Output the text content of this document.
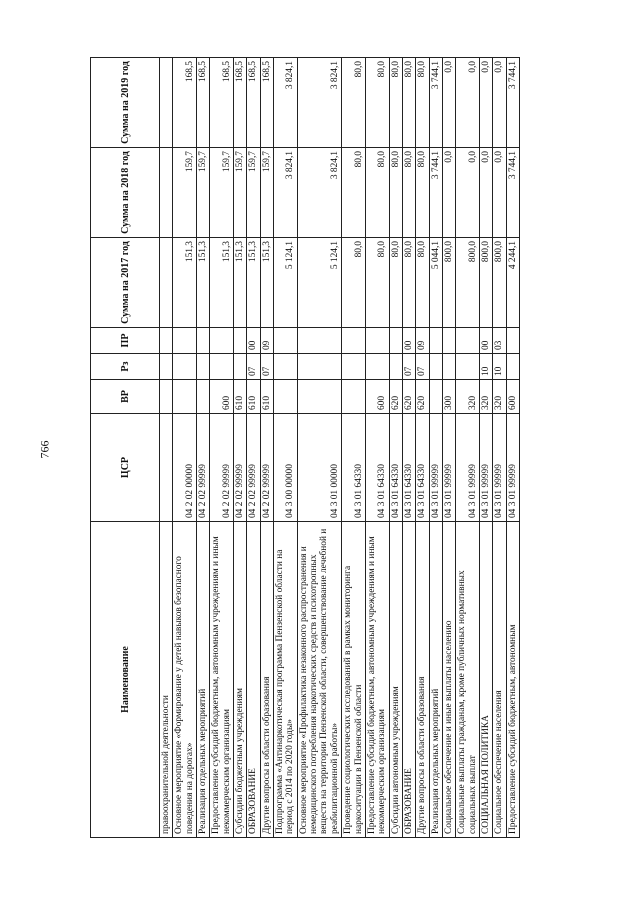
766
Наименование	ЦСР	ВР	Рз	ПР	Сумма на 2017 год	Сумма на 2018 год	Сумма на 2019 год
правоохранительной деятельности							
Основное мероприятие «Формирование у детей навыков безопасного поведения на дорогах»	04 2 02 00000				151,3	159,7	168,5
Реализация отдельных мероприятий	04 2 02 99999				151,3	159,7	168,5
Предоставление субсидий бюджетным, автономным учреждениям и иным некоммерческим организациям	04 2 02 99999	600			151,3	159,7	168,5
Субсидии бюджетным учреждениям	04 2 02 99999	610			151,3	159,7	168,5
ОБРАЗОВАНИЕ	04 2 02 99999	610	07	00	151,3	159,7	168,5
Другие вопросы в области образования	04 2 02 99999	610	07	09	151,3	159,7	168,5
Подпрограмма «Антинаркотическая программа Пензенской области на период с 2014 по 2020 годы»	04 3 00 00000				5 124,1	3 824,1	3 824,1
Основное мероприятие «Профилактика незаконного распространения и немедицинского потребления наркотических средств и психотропных веществ на территории Пензенской области, совершенствование лечебной и реабилитационной работы»	04 3 01 00000				5 124,1	3 824,1	3 824,1
Проведение социологических исследований в рамках мониторинга наркоситуации в Пензенской области	04 3 01 64330				80,0	80,0	80,0
Предоставление субсидий бюджетным, автономным учреждениям и иным некоммерческим организациям	04 3 01 64330	600			80,0	80,0	80,0
Субсидии автономным учреждениям	04 3 01 64330	620			80,0	80,0	80,0
ОБРАЗОВАНИЕ	04 3 01 64330	620	07	00	80,0	80,0	80,0
Другие вопросы в области образования	04 3 01 64330	620	07	09	80,0	80,0	80,0
Реализация отдельных мероприятий	04 3 01 99999				5 044,1	3 744,1	3 744,1
Социальное обеспечение и иные выплаты населению	04 3 01 99999	300			800,0	0,0	0,0
Социальные выплаты гражданам, кроме публичных нормативных социальных выплат	04 3 01 99999	320			800,0	0,0	0,0
СОЦИАЛЬНАЯ ПОЛИТИКА	04 3 01 99999	320	10	00	800,0	0,0	0,0
Социальное обеспечение населения	04 3 01 99999	320	10	03	800,0	0,0	0,0
Предоставление субсидий бюджетным, автономным	04 3 01 99999	600			4 244,1	3 744,1	3 744,1
